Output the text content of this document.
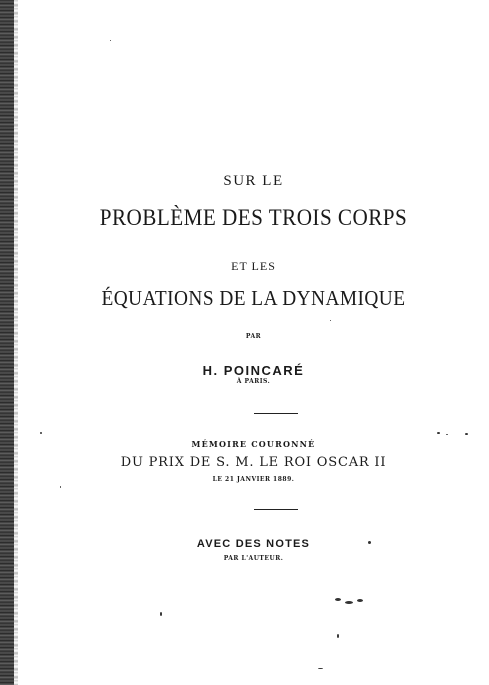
SUR LE
PROBLÈME DES TROIS CORPS
ET LES
ÉQUATIONS DE LA DYNAMIQUE
PAR
H. POINCARÉ
À PARIS.
MÉMOIRE COURONNÉ
DU PRIX DE S. M. LE ROI OSCAR II
LE 21 JANVIER 1889.
AVEC DES NOTES
PAR L'AUTEUR.
